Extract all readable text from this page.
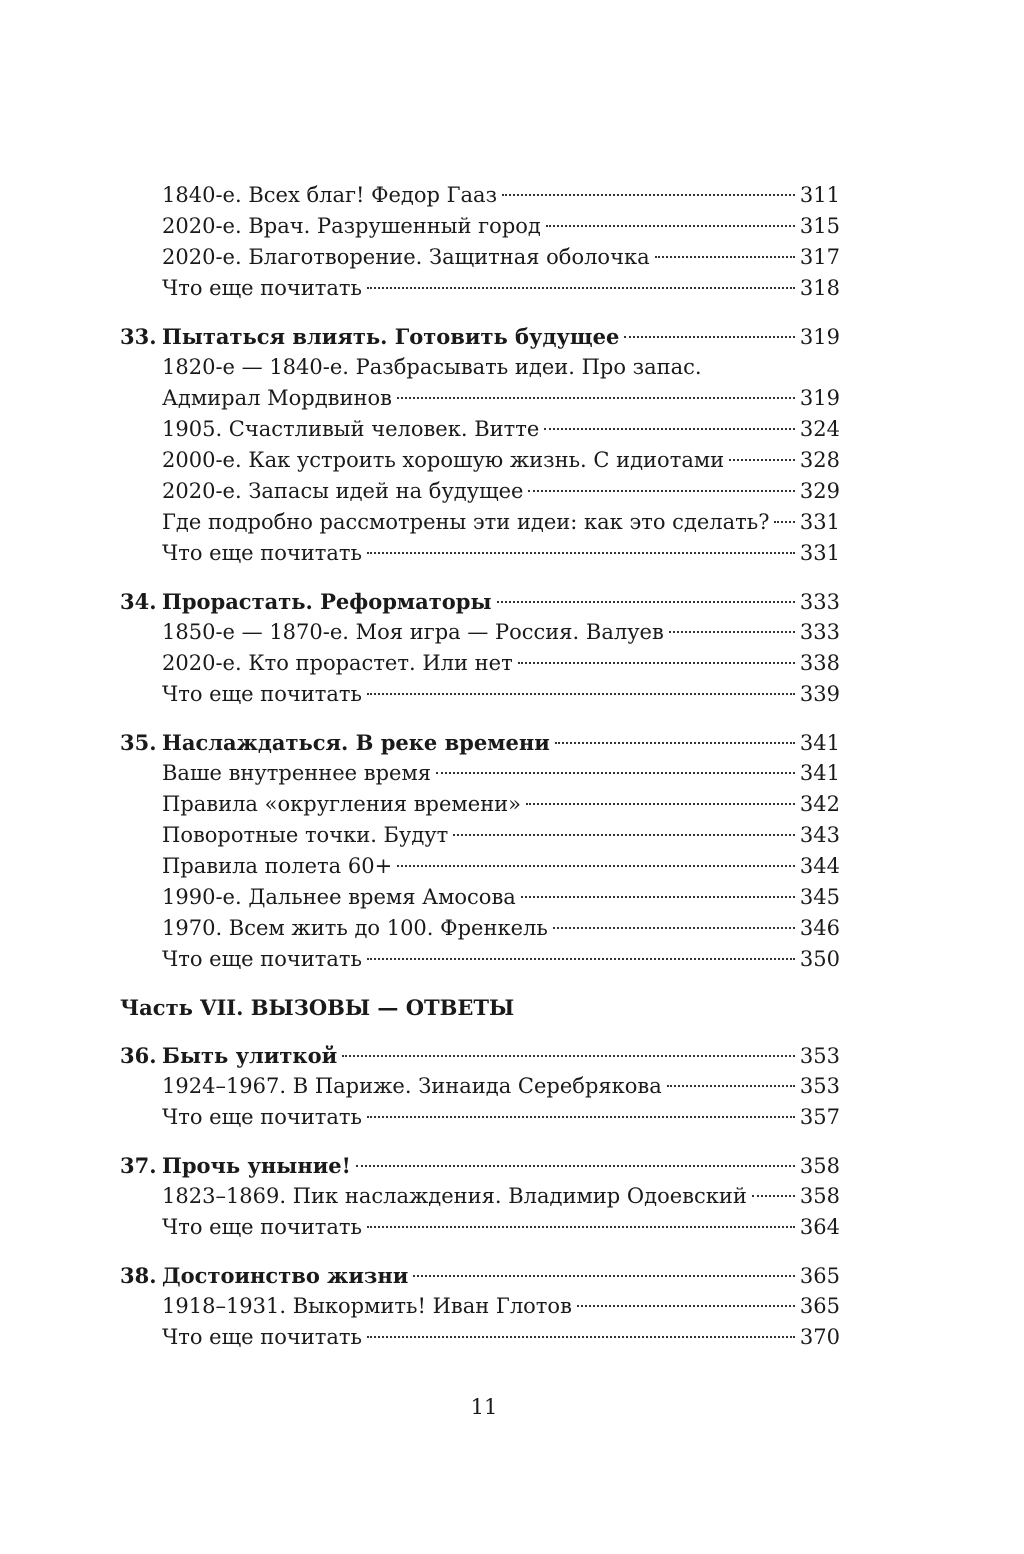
1840-е. Всех благ! Федор Гааз	311
2020-е. Врач. Разрушенный город	315
2020-е. Благотворение. Защитная оболочка	317
Что еще почитать	318
33. Пытаться влиять. Готовить будущее	319
1820-е — 1840-е. Разбрасывать идеи. Про запас.
Адмирал Мордвинов	319
1905. Счастливый человек. Витте	324
2000-е. Как устроить хорошую жизнь. С идиотами	328
2020-е. Запасы идей на будущее	329
Где подробно рассмотрены эти идеи: как это сделать? 331
Что еще почитать	331
34. Прорастать. Реформаторы	333
1850-е — 1870-е. Моя игра — Россия. Валуев	333
2020-е. Кто прорастет. Или нет	338
Что еще почитать	339
35. Наслаждаться. В реке времени	341
Ваше внутреннее время	341
Правила «округления времени»	342
Поворотные точки. Будут	343
Правила полета 60+	344
1990-е. Дальнее время Амосова	345
1970. Всем жить до 100. Френкель	346
Что еще почитать	350
Часть VII. ВЫЗОВЫ — ОТВЕТЫ
36. Быть улиткой	353
1924–1967. В Париже. Зинаида Серебрякова	353
Что еще почитать	357
37. Прочь уныние!	358
1823–1869. Пик наслаждения. Владимир Одоевский	358
Что еще почитать	364
38. Достоинство жизни	365
1918–1931. Выкормить! Иван Глотов	365
Что еще почитать	370
11
